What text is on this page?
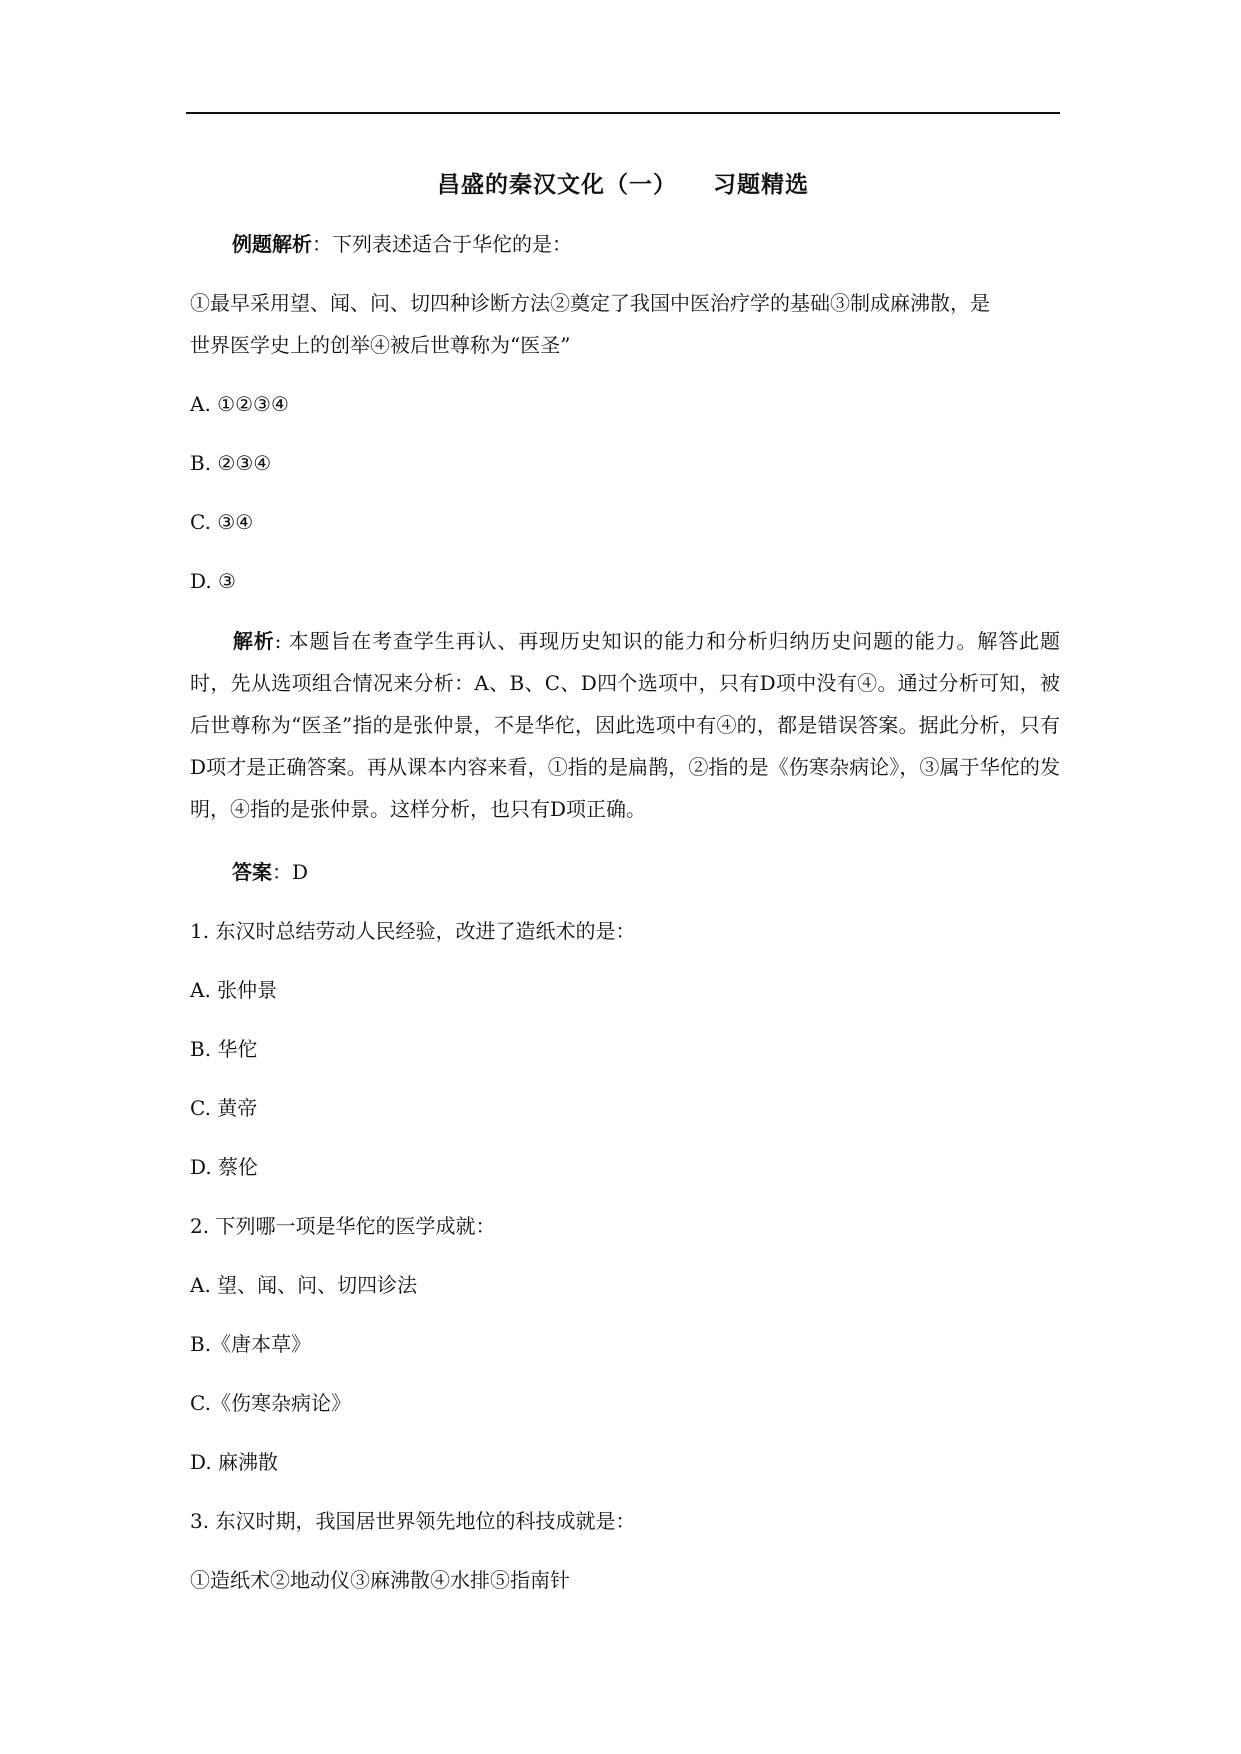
昌盛的秦汉文化（一）    习题精选
例题解析：下列表述适合于华佗的是：
①最早采用望、闻、问、切四种诊断方法②奠定了我国中医治疗学的基础③制成麻沸散，是
世界医学史上的创举④被后世尊称为“医圣”
A. ①②③④
B. ②③④
C. ③④
D. ③
解析: 本题旨在考查学生再认、再现历史知识的能力和分析归纳历史问题的能力。解答此题时，先从选项组合情况来分析：A、B、C、D四个选项中，只有D项中没有④。通过分析可知，被后世尊称为“医圣”指的是张仲景，不是华佗，因此选项中有④的，都是错误答案。据此分析，只有D项才是正确答案。再从课本内容来看，①指的是扁鹊，②指的是《伤寒杂病论》，③属于华佗的发明，④指的是张仲景。这样分析，也只有D项正确。
答案：D
1. 东汉时总结劳动人民经验，改进了造纸术的是：
A. 张仲景
B. 华佗
C. 黄帝
D. 蔡伦
2. 下列哪一项是华佗的医学成就：
A. 望、闻、问、切四诊法
B.《唐本草》
C.《伤寒杂病论》
D. 麻沸散
3. 东汉时期，我国居世界领先地位的科技成就是：
①造纸术②地动仪③麻沸散④水排⑤指南针
